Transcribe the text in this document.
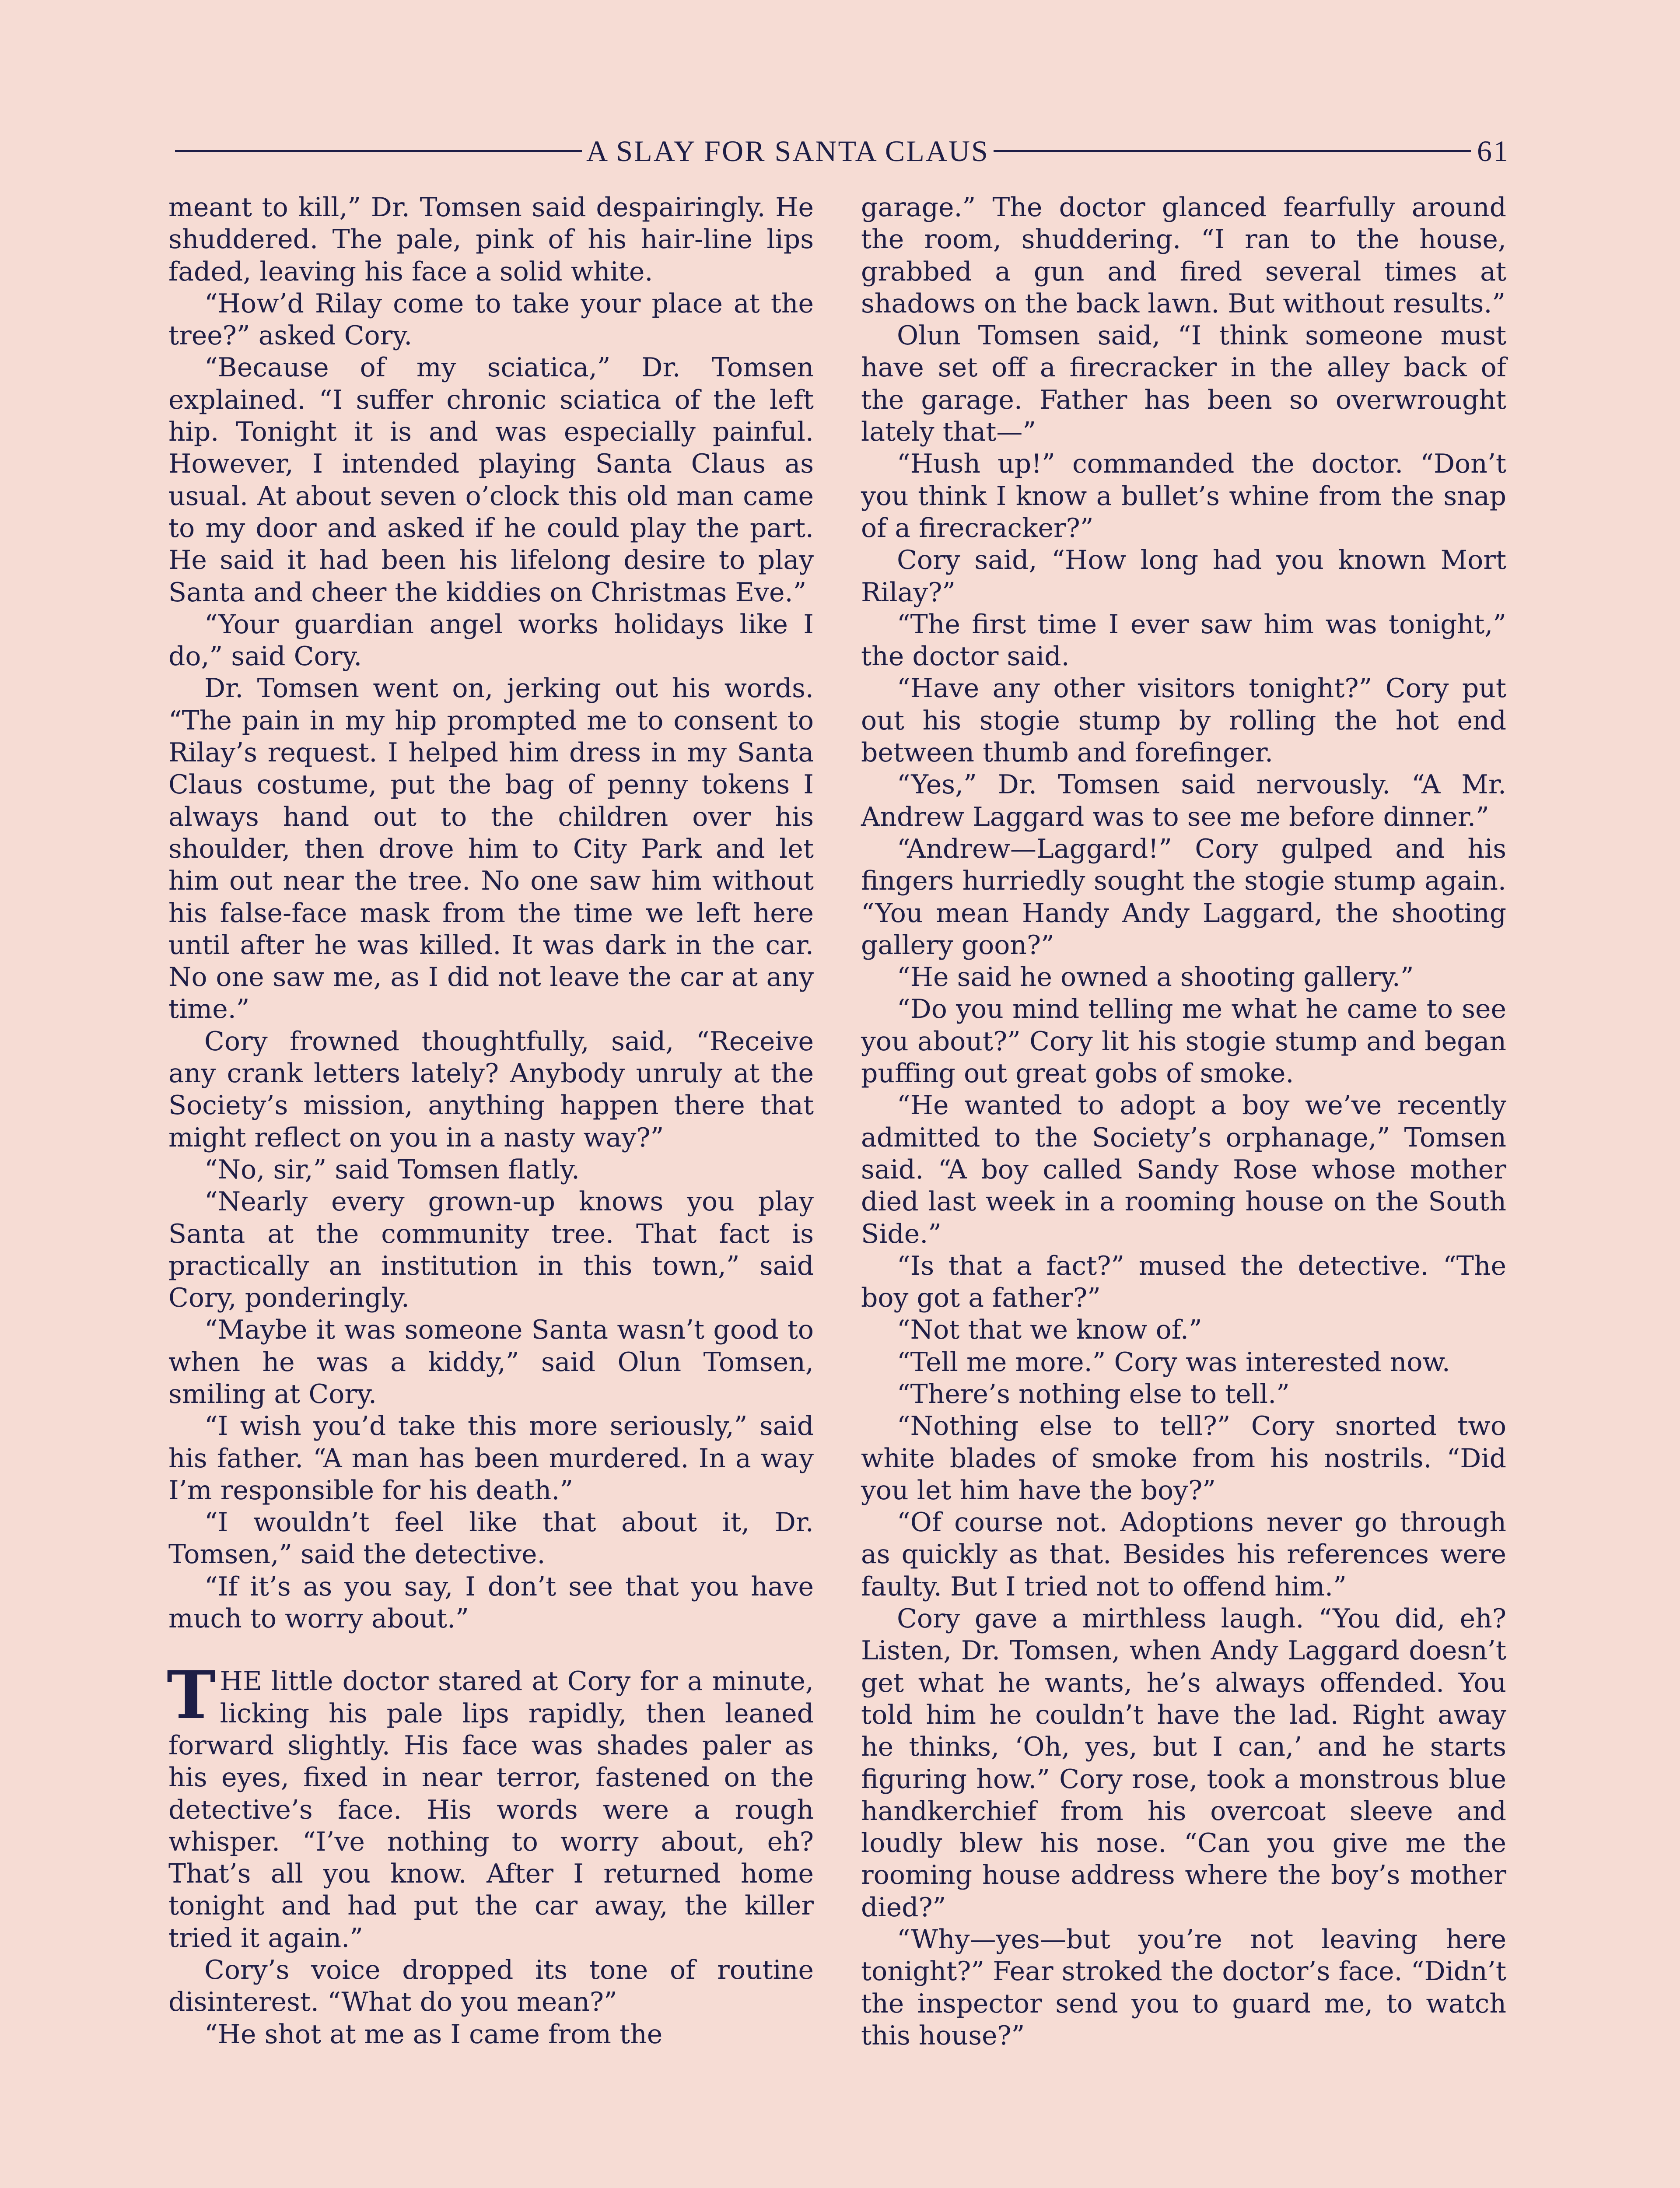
A SLAY FOR SANTA CLAUS	61

meant to kill,” Dr. Tomsen said despairingly. He shuddered. The pale, pink of his hair-line lips faded, leaving his face a solid white.

“How’d Rilay come to take your place at the tree?” asked Cory.

“Because of my sciatica,” Dr. Tomsen explained. “I suffer chronic sciatica of the left hip. Tonight it is and was especially painful. However, I intended playing Santa Claus as usual. At about seven o’clock this old man came to my door and asked if he could play the part. He said it had been his lifelong desire to play Santa and cheer the kiddies on Christmas Eve.”

“Your guardian angel works holidays like I do,” said Cory.

Dr. Tomsen went on, jerking out his words. “The pain in my hip prompted me to consent to Rilay’s request. I helped him dress in my Santa Claus costume, put the bag of penny tokens I always hand out to the children over his shoulder, then drove him to City Park and let him out near the tree. No one saw him without his false-face mask from the time we left here until after he was killed. It was dark in the car. No one saw me, as I did not leave the car at any time.”

Cory frowned thoughtfully, said, “Receive any crank letters lately? Anybody unruly at the Society’s mission, anything happen there that might reflect on you in a nasty way?”

“No, sir,” said Tomsen flatly.

“Nearly every grown-up knows you play Santa at the community tree. That fact is practically an institution in this town,” said Cory, ponderingly.

“Maybe it was someone Santa wasn’t good to when he was a kiddy,” said Olun Tomsen, smiling at Cory.

“I wish you’d take this more seriously,” said his father. “A man has been murdered. In a way I’m responsible for his death.”

“I wouldn’t feel like that about it, Dr. Tomsen,” said the detective.

“If it’s as you say, I don’t see that you have much to worry about.”

THE little doctor stared at Cory for a minute, licking his pale lips rapidly, then leaned forward slightly. His face was shades paler as his eyes, fixed in near terror, fastened on the detective’s face. His words were a rough whisper. “I’ve nothing to worry about, eh? That’s all you know. After I returned home tonight and had put the car away, the killer tried it again.”

Cory’s voice dropped its tone of routine disinterest. “What do you mean?”

“He shot at me as I came from the

garage.” The doctor glanced fearfully around the room, shuddering. “I ran to the house, grabbed a gun and fired several times at shadows on the back lawn. But without results.”

Olun Tomsen said, “I think someone must have set off a firecracker in the alley back of the garage. Father has been so overwrought lately that—”

“Hush up!” commanded the doctor. “Don’t you think I know a bullet’s whine from the snap of a firecracker?”

Cory said, “How long had you known Mort Rilay?”

“The first time I ever saw him was tonight,” the doctor said.

“Have any other visitors tonight?” Cory put out his stogie stump by rolling the hot end between thumb and forefinger.

“Yes,” Dr. Tomsen said nervously. “A Mr. Andrew Laggard was to see me before dinner.”

“Andrew—Laggard!” Cory gulped and his fingers hurriedly sought the stogie stump again. “You mean Handy Andy Laggard, the shooting gallery goon?”

“He said he owned a shooting gallery.”

“Do you mind telling me what he came to see you about?” Cory lit his stogie stump and began puffing out great gobs of smoke.

“He wanted to adopt a boy we’ve recently admitted to the Society’s orphanage,” Tomsen said. “A boy called Sandy Rose whose mother died last week in a rooming house on the South Side.”

“Is that a fact?” mused the detective. “The boy got a father?”

“Not that we know of.”

“Tell me more.” Cory was interested now.

“There’s nothing else to tell.”

“Nothing else to tell?” Cory snorted two white blades of smoke from his nostrils. “Did you let him have the boy?”

“Of course not. Adoptions never go through as quickly as that. Besides his references were faulty. But I tried not to offend him.”

Cory gave a mirthless laugh. “You did, eh? Listen, Dr. Tomsen, when Andy Laggard doesn’t get what he wants, he’s always offended. You told him he couldn’t have the lad. Right away he thinks, ‘Oh, yes, but I can,’ and he starts figuring how.” Cory rose, took a monstrous blue handkerchief from his overcoat sleeve and loudly blew his nose. “Can you give me the rooming house address where the boy’s mother died?”

“Why—yes—but you’re not leaving here tonight?” Fear stroked the doctor’s face. “Didn’t the inspector send you to guard me, to watch this house?”
